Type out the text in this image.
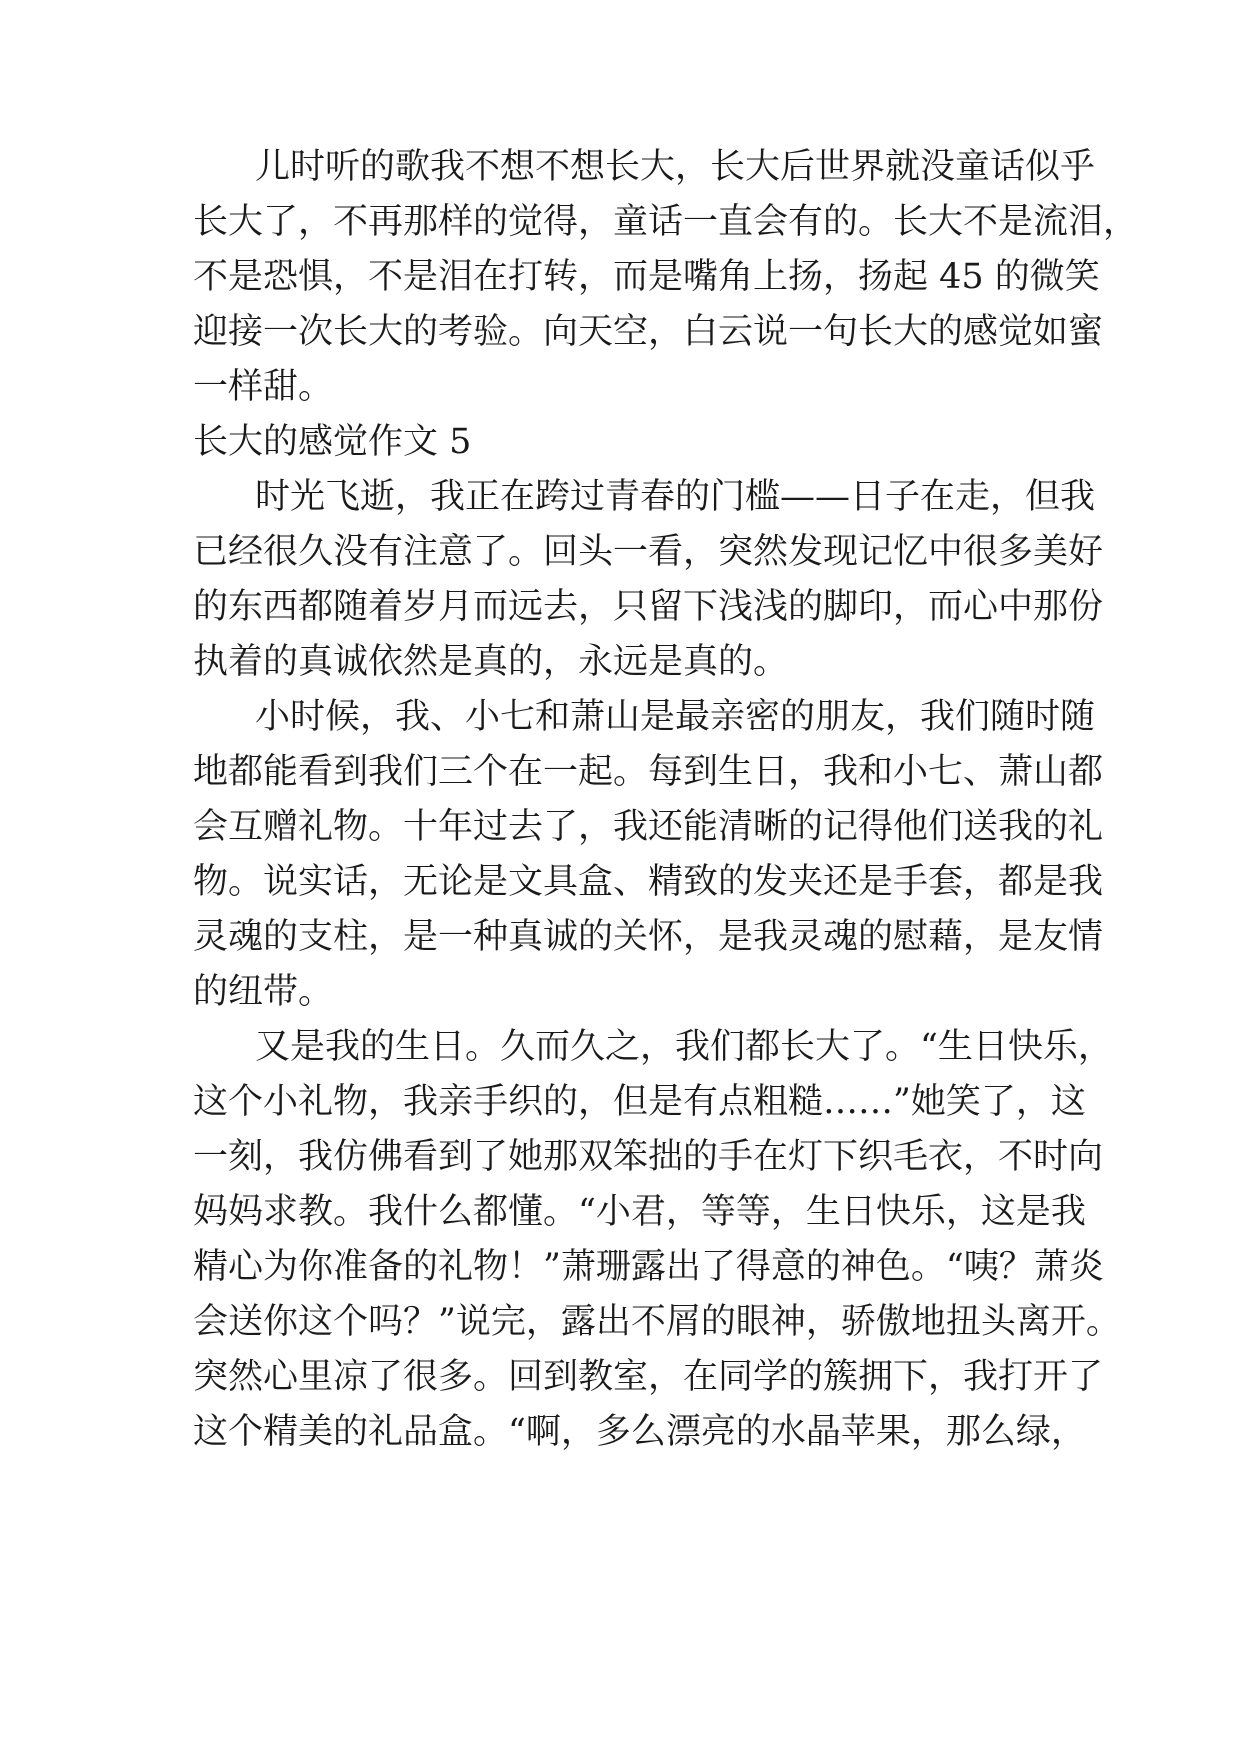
儿时听的歌我不想不想长大，长大后世界就没童话似乎
长大了，不再那样的觉得，童话一直会有的。长大不是流泪，
不是恐惧，不是泪在打转，而是嘴角上扬，扬起 45 的微笑
迎接一次长大的考验。向天空，白云说一句长大的感觉如蜜
一样甜。
长大的感觉作文 5
时光飞逝，我正在跨过青春的门槛——日子在走，但我
已经很久没有注意了。回头一看，突然发现记忆中很多美好
的东西都随着岁月而远去，只留下浅浅的脚印，而心中那份
执着的真诚依然是真的，永远是真的。
小时候，我、小七和萧山是最亲密的朋友，我们随时随
地都能看到我们三个在一起。每到生日，我和小七、萧山都
会互赠礼物。十年过去了，我还能清晰的记得他们送我的礼
物。说实话，无论是文具盒、精致的发夹还是手套，都是我
灵魂的支柱，是一种真诚的关怀，是我灵魂的慰藉，是友情
的纽带。
又是我的生日。久而久之，我们都长大了。“生日快乐，
这个小礼物，我亲手织的，但是有点粗糙……”她笑了，这
一刻，我仿佛看到了她那双笨拙的手在灯下织毛衣，不时向
妈妈求教。我什么都懂。“小君，等等，生日快乐，这是我
精心为你准备的礼物！”萧珊露出了得意的神色。“咦？萧炎
会送你这个吗？”说完，露出不屑的眼神，骄傲地扭头离开。
突然心里凉了很多。回到教室，在同学的簇拥下，我打开了
这个精美的礼品盒。“啊，多么漂亮的水晶苹果，那么绿，
